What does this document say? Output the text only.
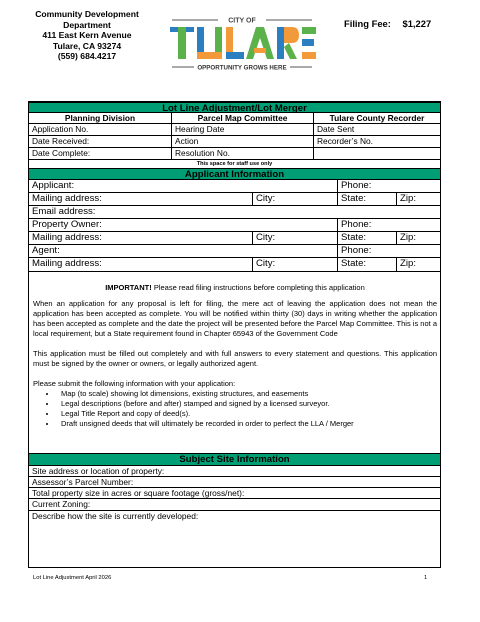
Community Development
Department
411 East Kern Avenue
Tulare, CA 93274
(559) 684.4217
CITY OF
OPPORTUNITY GROWS HERE
Filing Fee: $1,227
Lot Line Adjustment/Lot Merger
Planning Division	Parcel Map Committee	Tulare County Recorder
Application No.	Hearing Date	Date Sent
Date Received:	Action	Recorder’s No.
Date Complete:	Resolution No.
This space for staff use only
Applicant Information
Applicant:	Phone:
Mailing address:	City:	State:	Zip:
Email address:
Property Owner:	Phone:
Mailing address:	City:	State:	Zip:
Agent:	Phone:
Mailing address:	City:	State:	Zip:

IMPORTANT! Please read filing instructions before completing this application

When an application for any proposal is left for filing, the mere act of leaving the application does not mean the application has been accepted as complete. You will be notified within thirty (30) days in writing whether the application has been accepted as complete and the date the project will be presented before the Parcel Map Committee. This is not a local requirement, but a State requirement found in Chapter 65943 of the Government Code

This application must be filled out completely and with full answers to every statement and questions. This application must be signed by the owner or owners, or legally authorized agent.

Please submit the following information with your application:

• Map (to scale) showing lot dimensions, existing structures, and easements
• Legal descriptions (before and after) stamped and signed by a licensed surveyor.
• Legal Title Report and copy of deed(s).
• Draft unsigned deeds that will ultimately be recorded in order to perfect the LLA / Merger
Subject Site Information
Site address or location of property:
Assessor’s Parcel Number:
Total property size in acres or square footage (gross/net):
Current Zoning:
Describe how the site is currently developed:
Lot Line Adjustment April 2026	1
